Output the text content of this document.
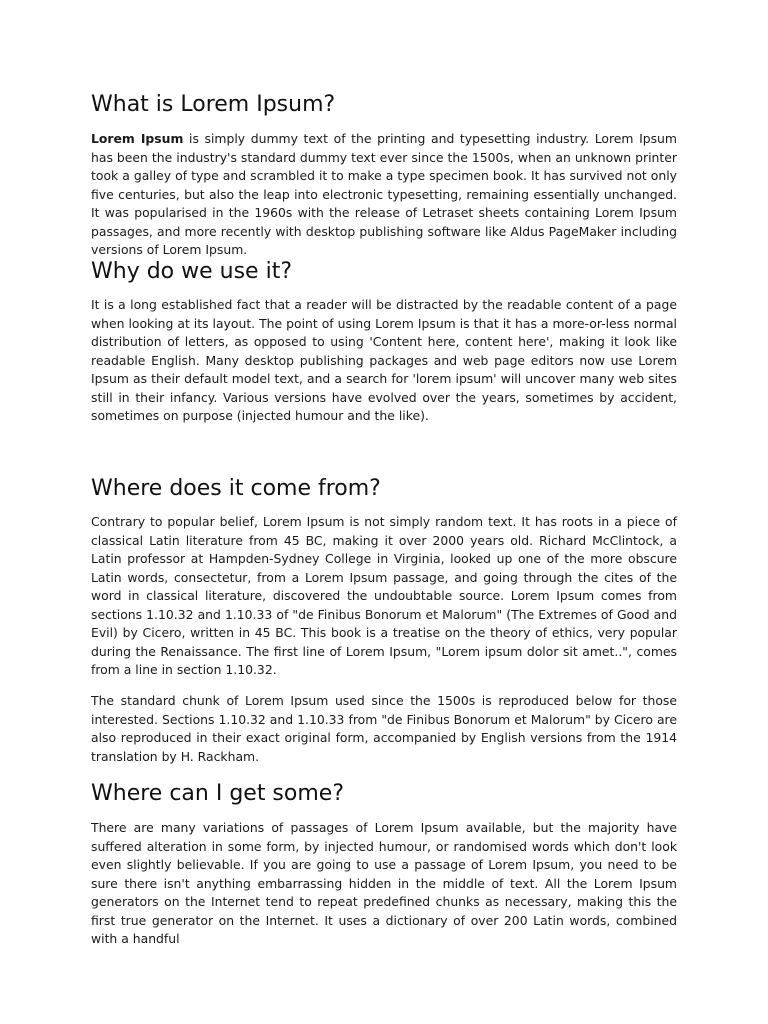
What is Lorem Ipsum?

Lorem Ipsum is simply dummy text of the printing and typesetting industry. Lorem Ipsum has been the industry's standard dummy text ever since the 1500s, when an unknown printer took a galley of type and scrambled it to make a type specimen book. It has survived not only five centuries, but also the leap into electronic typesetting, remaining essentially unchanged. It was popularised in the 1960s with the release of Letraset sheets containing Lorem Ipsum passages, and more recently with desktop publishing software like Aldus PageMaker including versions of Lorem Ipsum.

Why do we use it?

It is a long established fact that a reader will be distracted by the readable content of a page when looking at its layout. The point of using Lorem Ipsum is that it has a more-or-less normal distribution of letters, as opposed to using 'Content here, content here', making it look like readable English. Many desktop publishing packages and web page editors now use Lorem Ipsum as their default model text, and a search for 'lorem ipsum' will uncover many web sites still in their infancy. Various versions have evolved over the years, sometimes by accident, sometimes on purpose (injected humour and the like).

Where does it come from?

Contrary to popular belief, Lorem Ipsum is not simply random text. It has roots in a piece of classical Latin literature from 45 BC, making it over 2000 years old. Richard McClintock, a Latin professor at Hampden-Sydney College in Virginia, looked up one of the more obscure Latin words, consectetur, from a Lorem Ipsum passage, and going through the cites of the word in classical literature, discovered the undoubtable source. Lorem Ipsum comes from sections 1.10.32 and 1.10.33 of "de Finibus Bonorum et Malorum" (The Extremes of Good and Evil) by Cicero, written in 45 BC. This book is a treatise on the theory of ethics, very popular during the Renaissance. The first line of Lorem Ipsum, "Lorem ipsum dolor sit amet..", comes from a line in section 1.10.32.

The standard chunk of Lorem Ipsum used since the 1500s is reproduced below for those interested. Sections 1.10.32 and 1.10.33 from "de Finibus Bonorum et Malorum" by Cicero are also reproduced in their exact original form, accompanied by English versions from the 1914 translation by H. Rackham.

Where can I get some?

There are many variations of passages of Lorem Ipsum available, but the majority have suffered alteration in some form, by injected humour, or randomised words which don't look even slightly believable. If you are going to use a passage of Lorem Ipsum, you need to be sure there isn't anything embarrassing hidden in the middle of text. All the Lorem Ipsum generators on the Internet tend to repeat predefined chunks as necessary, making this the first true generator on the Internet. It uses a dictionary of over 200 Latin words, combined with a handful
